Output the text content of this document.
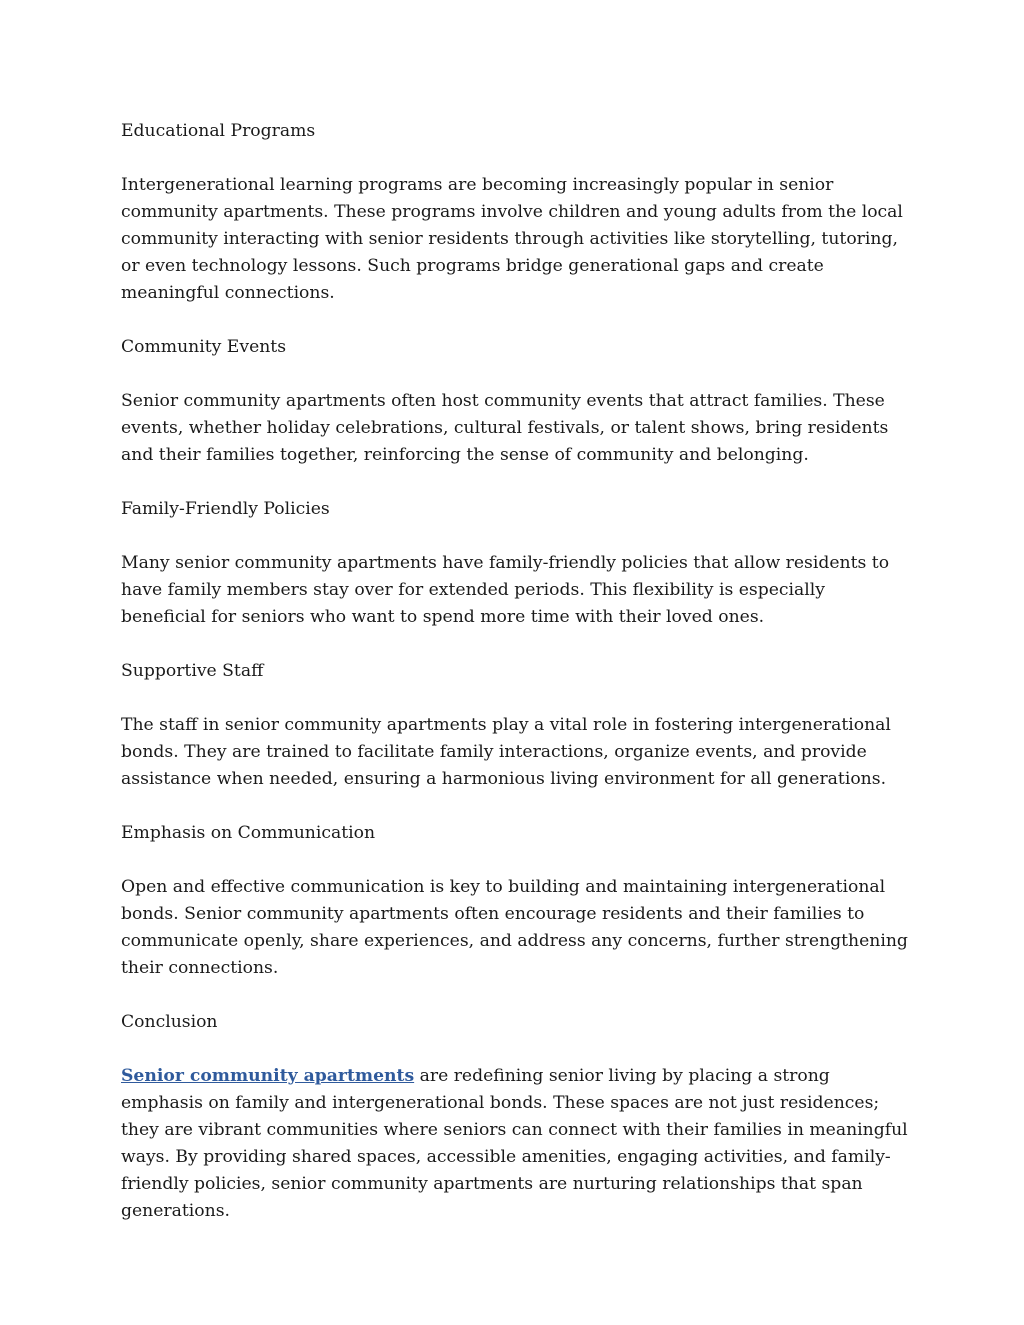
Educational Programs

Intergenerational learning programs are becoming increasingly popular in senior community apartments. These programs involve children and young adults from the local community interacting with senior residents through activities like storytelling, tutoring, or even technology lessons. Such programs bridge generational gaps and create meaningful connections.

Community Events

Senior community apartments often host community events that attract families. These events, whether holiday celebrations, cultural festivals, or talent shows, bring residents and their families together, reinforcing the sense of community and belonging.

Family-Friendly Policies

Many senior community apartments have family-friendly policies that allow residents to have family members stay over for extended periods. This flexibility is especially beneficial for seniors who want to spend more time with their loved ones.

Supportive Staff

The staff in senior community apartments play a vital role in fostering intergenerational bonds. They are trained to facilitate family interactions, organize events, and provide assistance when needed, ensuring a harmonious living environment for all generations.

Emphasis on Communication

Open and effective communication is key to building and maintaining intergenerational bonds. Senior community apartments often encourage residents and their families to communicate openly, share experiences, and address any concerns, further strengthening their connections.

Conclusion

Senior community apartments are redefining senior living by placing a strong emphasis on family and intergenerational bonds. These spaces are not just residences; they are vibrant communities where seniors can connect with their families in meaningful ways. By providing shared spaces, accessible amenities, engaging activities, and family-friendly policies, senior community apartments are nurturing relationships that span generations.
